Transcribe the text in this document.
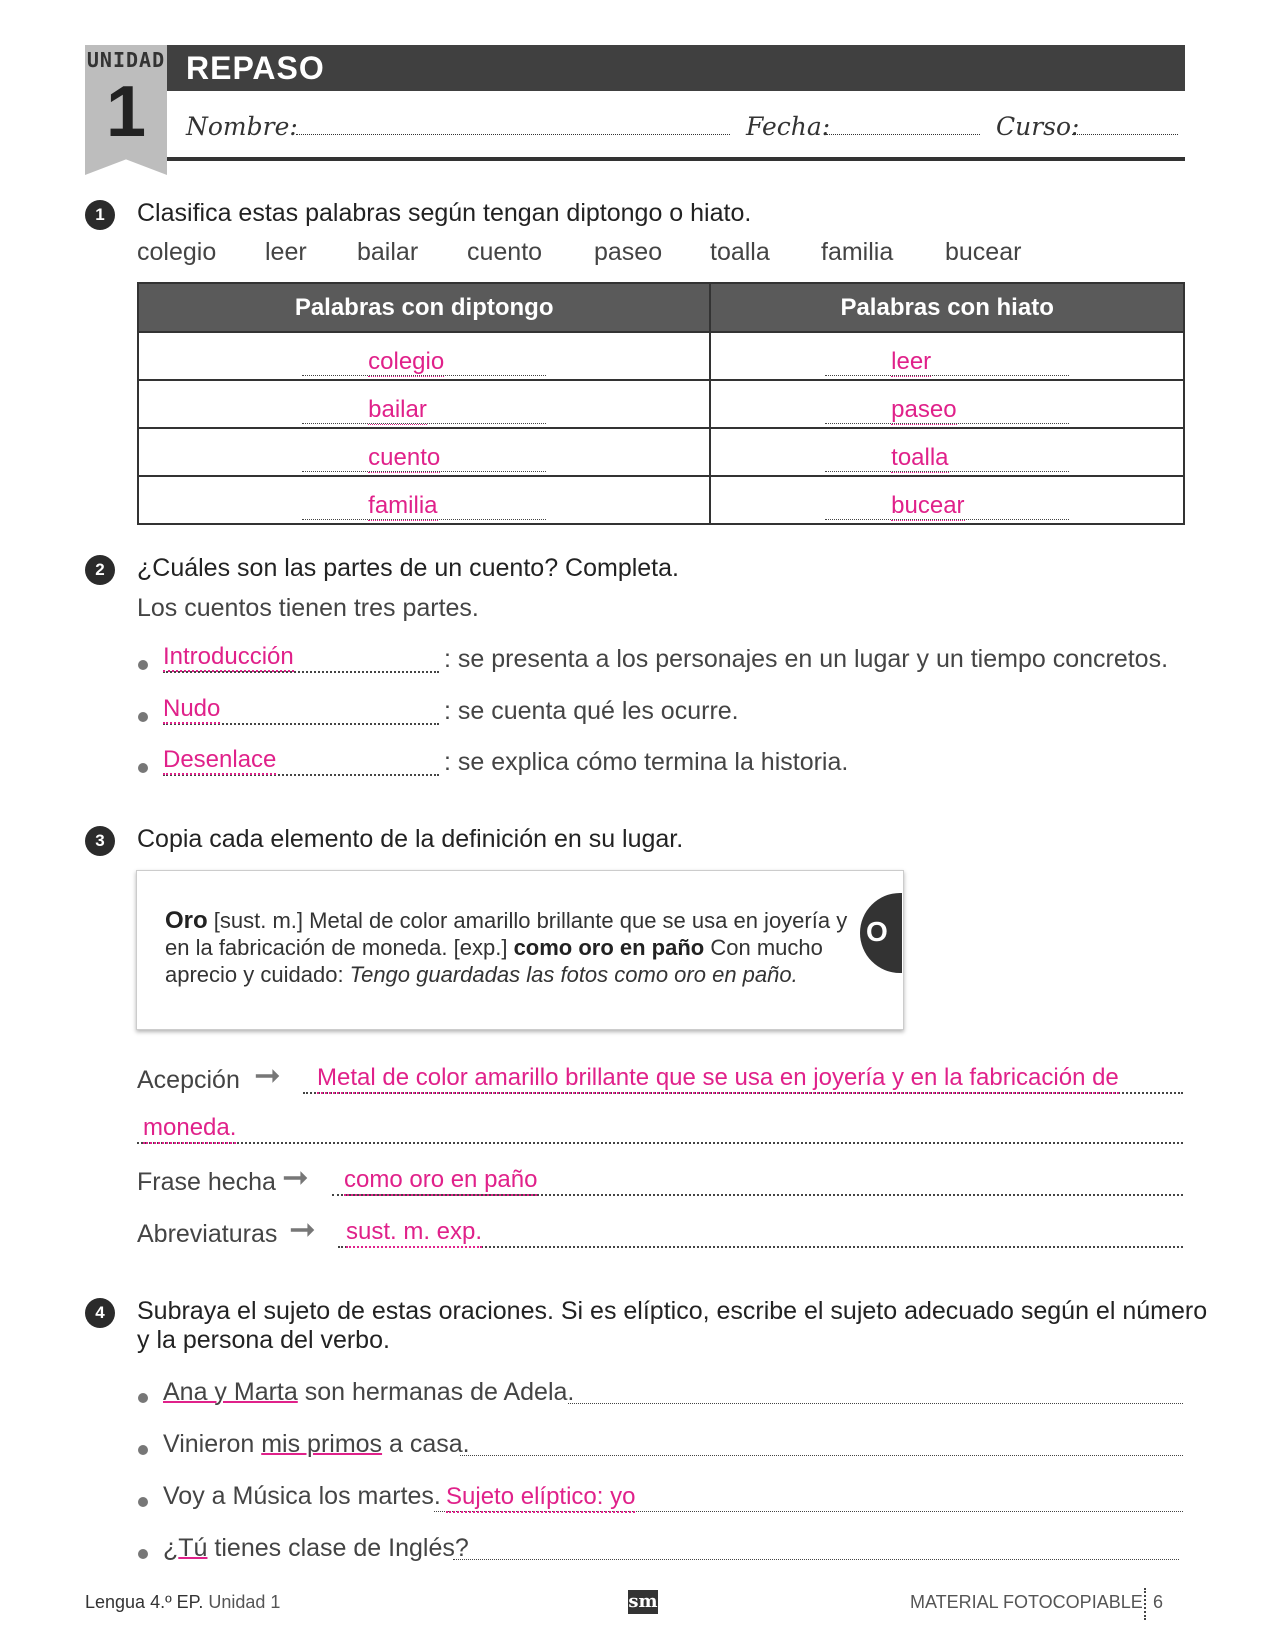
UNIDAD
1
REPASO
Nombre:	Fecha:	Curso:
1	Clasifica estas palabras según tengan diptongo o hiato.
colegio leer bailar cuento paseo toalla familia bucear
Palabras con diptongo	Palabras con hiato

colegio	leer

bailar	paseo

cuento	toalla

familia	bucear
2	¿Cuáles son las partes de un cuento? Completa.
Los cuentos tienen tres partes.
Introducción	: se presenta a los personajes en un lugar y un tiempo concretos.
Nudo	: se cuenta qué les ocurre.
Desenlace	: se explica cómo termina la historia.
3	Copia cada elemento de la definición en su lugar.
Oro [sust. m.] Metal de color amarillo brillante que se usa en joyería y en la fabricación de moneda. [exp.] como oro en paño Con mucho aprecio y cuidado: Tengo guardadas las fotos como oro en paño.
O
Acepción ➞ Metal de color amarillo brillante que se usa en joyería y en la fabricación de
moneda.
Frase hecha ➞ como oro en paño
Abreviaturas ➞ sust. m. exp.
4	Subraya el sujeto de estas oraciones. Si es elíptico, escribe el sujeto adecuado según el número
y la persona del verbo.
Ana y Marta son hermanas de Adela.
Vinieron mis primos a casa.
Voy a Música los martes. Sujeto elíptico: yo
¿Tú tienes clase de Inglés?
Lengua 4.º EP. Unidad 1	sm	MATERIAL FOTOCOPIABLE 6
